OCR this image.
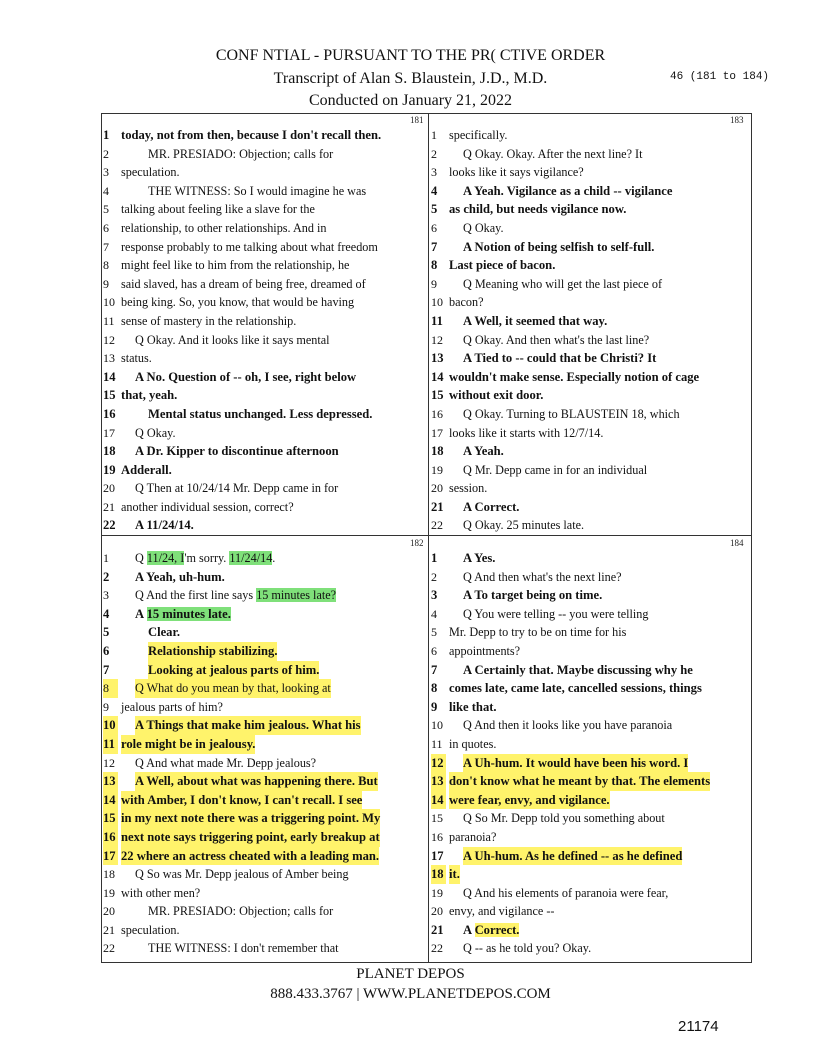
CONF NTIAL - PURSUANT TO THE PR( CTIVE ORDER
Transcript of Alan S. Blaustein, J.D., M.D.
Conducted on January 21, 2022
46 (181 to 184)
181	183
182	184
1 today, not from then, because I don't recall then.
2	MR. PRESIADO: Objection; calls for
3 speculation.
4	THE WITNESS: So I would imagine he was
5 talking about feeling like a slave for the
6 relationship, to other relationships. And in
7 response probably to me talking about what freedom
8 might feel like to him from the relationship, he
9 said slaved, has a dream of being free, dreamed of
10 being king. So, you know, that would be having
11 sense of mastery in the relationship.
12 Q Okay. And it looks like it says mental
13 status.
14 A No. Question of -- oh, I see, right below
15 that, yeah.
16	Mental status unchanged. Less depressed.
17 Q Okay.
18 A Dr. Kipper to discontinue afternoon
19 Adderall.
20 Q Then at 10/24/14 Mr. Depp came in for
21 another individual session, correct?
22 A 11/24/14.
1 specifically.
2	Q Okay. Okay. After the next line? It
3 looks like it says vigilance?
4	A Yeah. Vigilance as a child -- vigilance
5 as child, but needs vigilance now.
6	Q Okay.
7	A Notion of being selfish to self-full.
8 Last piece of bacon.
9	Q Meaning who will get the last piece of
10 bacon?
11 A Well, it seemed that way.
12 Q Okay. And then what's the last line?
13 A Tied to -- could that be Christi? It
14 wouldn't make sense. Especially notion of cage
15 without exit door.
16 Q Okay. Turning to BLAUSTEIN 18, which
17 looks like it starts with 12/7/14.
18 A Yeah.
19 Q Mr. Depp came in for an individual
20 session.
21 A Correct.
22 Q Okay. 25 minutes late.
1	Q 11/24, I'm sorry. 11/24/14.
2	A Yeah, uh-hum.
3	Q And the first line says 15 minutes late?
4	A 15 minutes late.
5	Clear.
6	Relationship stabilizing.
7	Looking at jealous parts of him.
8	Q What do you mean by that, looking at
9 jealous parts of him?
10 A Things that make him jealous. What his
11 role might be in jealousy.
12 Q And what made Mr. Depp jealous?
13 A Well, about what was happening there. But
14 with Amber, I don't know, I can't recall. I see
15 in my next note there was a triggering point. My
16 next note says triggering point, early breakup at
17 22 where an actress cheated with a leading man.
18 Q So was Mr. Depp jealous of Amber being
19 with other men?
20	MR. PRESIADO: Objection; calls for
21 speculation.
22	THE WITNESS: I don't remember that
1	A Yes.
2	Q And then what's the next line?
3	A To target being on time.
4	Q You were telling -- you were telling
5 Mr. Depp to try to be on time for his
6 appointments?
7	A Certainly that. Maybe discussing why he
8 comes late, came late, cancelled sessions, things
9 like that.
10 Q And then it looks like you have paranoia
11 in quotes.
12 A Uh-hum. It would have been his word. I
13 don't know what he meant by that. The elements
14 were fear, envy, and vigilance.
15 Q So Mr. Depp told you something about
16 paranoia?
17 A Uh-hum. As he defined -- as he defined
18 it.
19 Q And his elements of paranoia were fear,
20 envy, and vigilance --
21 A Correct.
22 Q -- as he told you? Okay.
PLANET DEPOS
888.433.3767 | WWW.PLANETDEPOS.COM
21174
